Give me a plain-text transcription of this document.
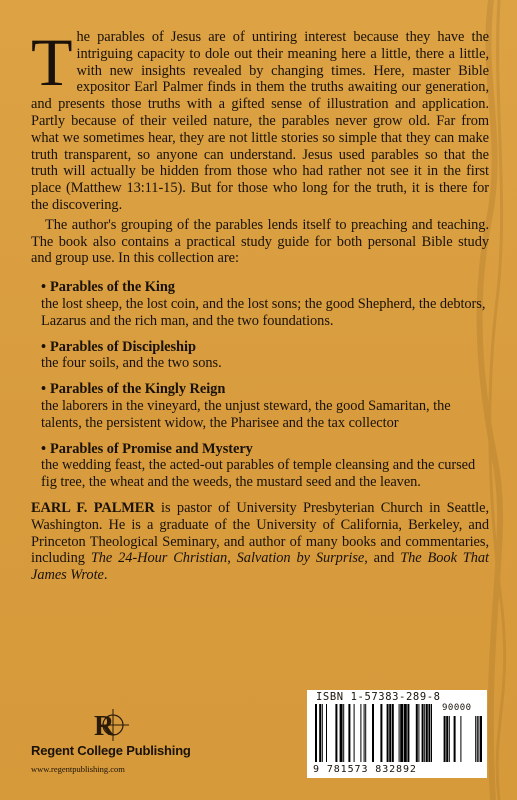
The parables of Jesus are of untiring interest because they have the intriguing capacity to dole out their meaning here a little, there a little, with new insights revealed by changing times. Here, master Bible expositor Earl Palmer finds in them the truths awaiting our generation, and presents those truths with a gifted sense of illustration and application. Partly because of their veiled nature, the parables never grow old. Far from what we sometimes hear, they are not little stories so simple that they can make truth transparent, so anyone can understand. Jesus used parables so that the truth will actually be hidden from those who had rather not see it in the first place (Matthew 13:11-15). But for those who long for the truth, it is there for the discovering.

The author's grouping of the parables lends itself to preaching and teaching. The book also contains a practical study guide for both personal Bible study and group use. In this collection are:

• Parables of the King
the lost sheep, the lost coin, and the lost sons; the good Shepherd, the debtors, Lazarus and the rich man, and the two foundations.
• Parables of Discipleship
the four soils, and the two sons.
• Parables of the Kingly Reign
the laborers in the vineyard, the unjust steward, the good Samaritan, the talents, the persistent widow, the Pharisee and the tax collector
• Parables of Promise and Mystery
the wedding feast, the acted-out parables of temple cleansing and the cursed fig tree, the wheat and the weeds, the mustard seed and the leaven.

EARL F. PALMER is pastor of University Presbyterian Church in Seattle, Washington. He is a graduate of the University of California, Berkeley, and Princeton Theological Seminary, and author of many books and commentaries, including The 24-Hour Christian, Salvation by Surprise, and The Book That James Wrote.

R
Regent College Publishing
www.regentpublishing.com
ISBN 1-57383-289-8
90000
9 781573 832892
